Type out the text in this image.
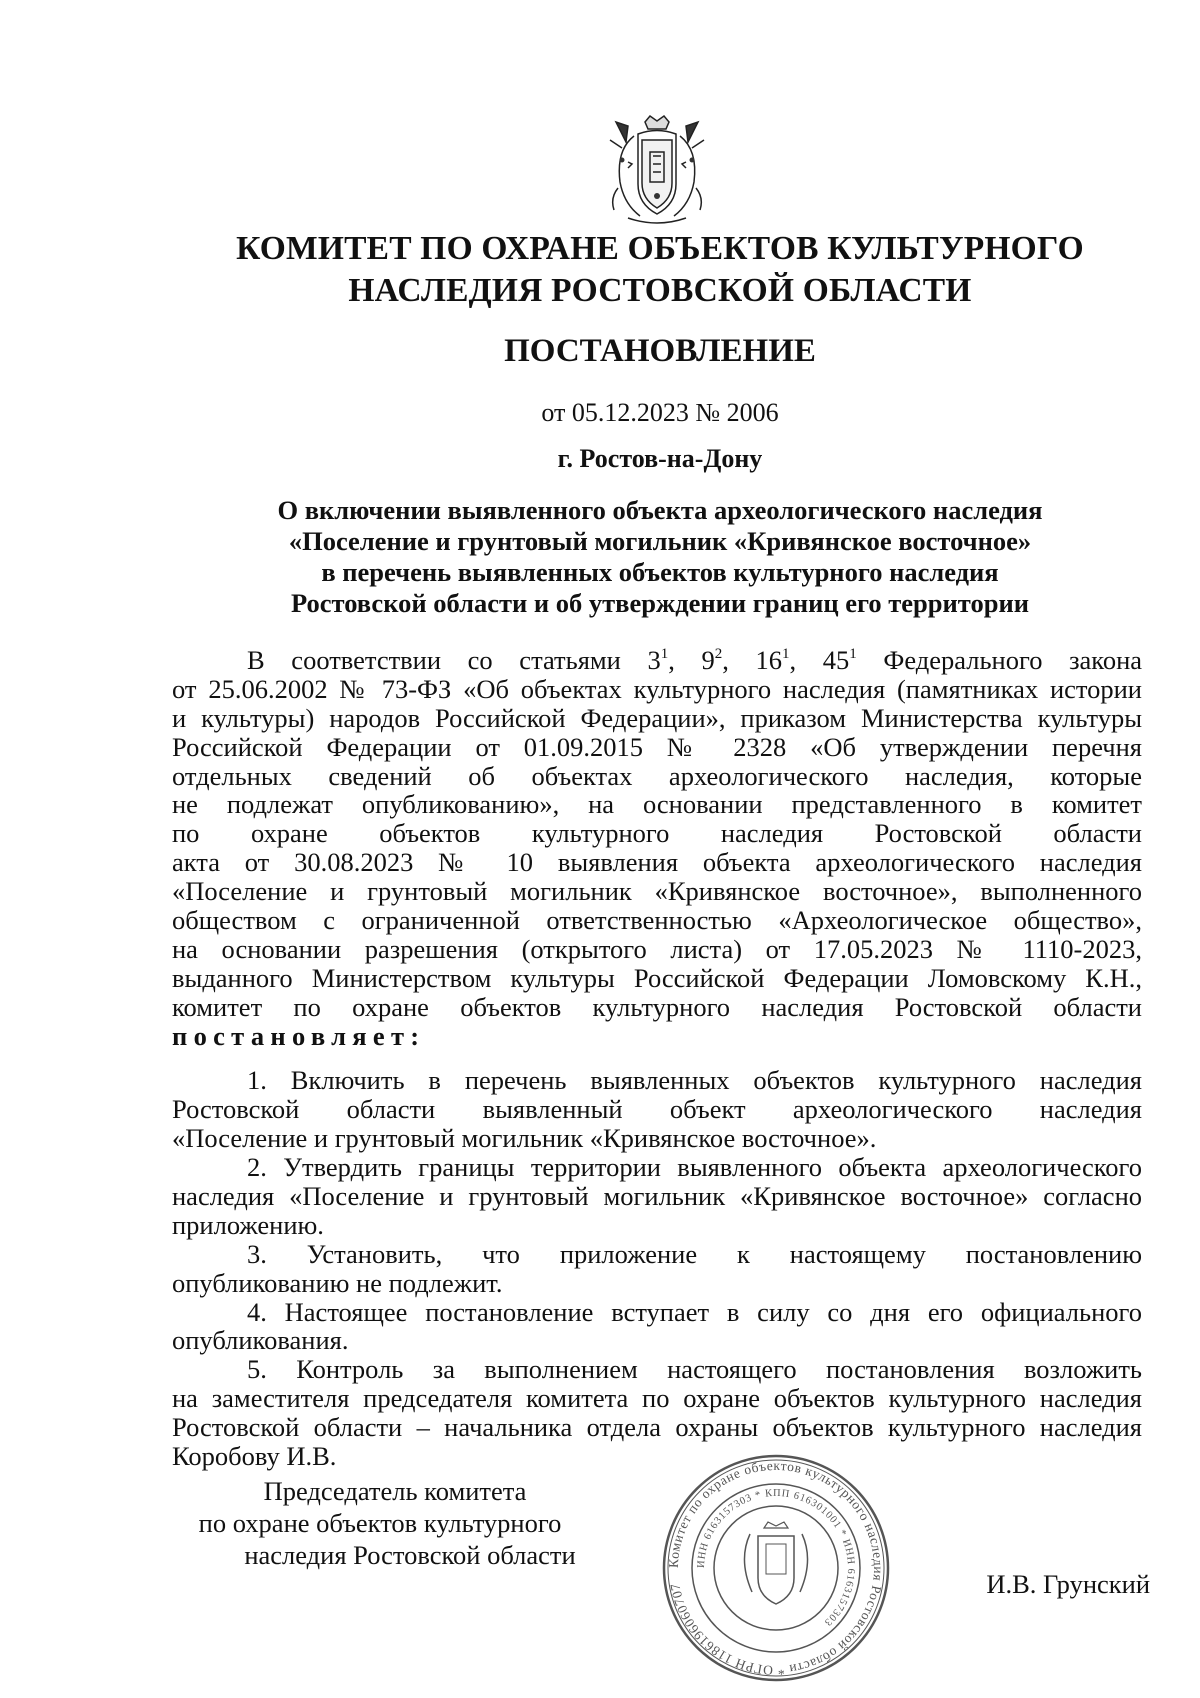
КОМИТЕТ ПО ОХРАНЕ ОБЪЕКТОВ КУЛЬТУРНОГО
НАСЛЕДИЯ РОСТОВСКОЙ ОБЛАСТИ
ПОСТАНОВЛЕНИЕ
от 05.12.2023 № 2006
г. Ростов-на-Дону
О включении выявленного объекта археологического наследия
«Поселение и грунтовый могильник «Кривянское восточное»
в перечень выявленных объектов культурного наследия
Ростовской области и об утверждении границ его территории
В соответствии со статьями $3^1$, $9^2$, $16^1$, $45^1$ Федерального закона
от 25.06.2002 № 73-ФЗ «Об объектах культурного наследия (памятниках истории
и культуры) народов Российской Федерации», приказом Министерства культуры
Российской Федерации от 01.09.2015 № 2328 «Об утверждении перечня
отдельных сведений об объектах археологического наследия, которые
не подлежат опубликованию», на основании представленного в комитет
по охране объектов культурного наследия Ростовской области
акта от 30.08.2023 № 10 выявления объекта археологического наследия
«Поселение и грунтовый могильник «Кривянское восточное», выполненного
обществом с ограниченной ответственностью «Археологическое общество»,
на основании разрешения (открытого листа) от 17.05.2023 № 1110-2023,
выданного Министерством культуры Российской Федерации Ломовскому К.Н.,
комитет по охране объектов культурного наследия Ростовской области
постановляет:
1. Включить в перечень выявленных объектов культурного наследия
Ростовской области выявленный объект археологического наследия
«Поселение и грунтовый могильник «Кривянское восточное».
2. Утвердить границы территории выявленного объекта археологического
наследия «Поселение и грунтовый могильник «Кривянское восточное» согласно
приложению.
3. Установить, что приложение к настоящему постановлению
опубликованию не подлежит.
4. Настоящее постановление вступает в силу со дня его официального
опубликования.
5. Контроль за выполнением настоящего постановления возложить
на заместителя председателя комитета по охране объектов культурного наследия
Ростовской области – начальника отдела охраны объектов культурного наследия
Коробову И.В.
Председатель комитета
по охране объектов культурного
наследия Ростовской области	Комитет по охране объектов культурного наследия Ростовской области * ОГРН 1186196060707
ИНН 6163157303 * КПП 616301001 * ИНН 6163157303
И.В. Грунский
